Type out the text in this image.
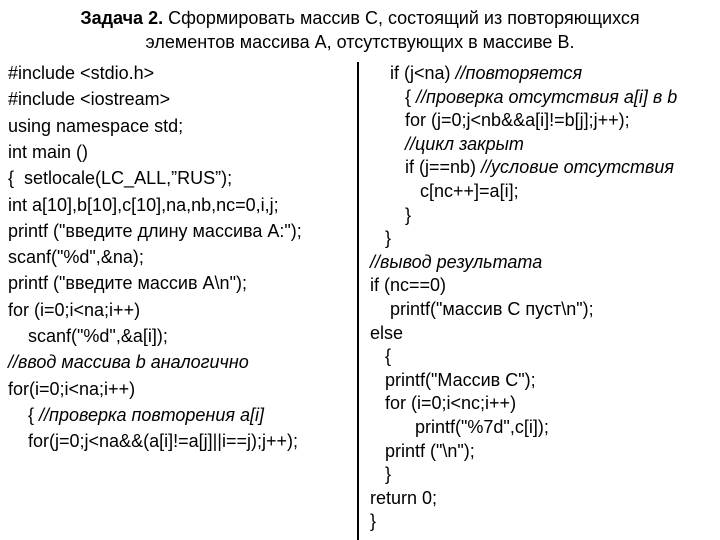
Задача 2. Сформировать массив С, состоящий из повторяющихся
элементов массива А, отсутствующих в массиве В.
#include <stdio.h>
#include <iostream>
using namespace std;
int main ()
{  setlocale(LC_ALL,”RUS”);
int a[10],b[10],c[10],na,nb,nc=0,i,j;
printf ("введите длину массива А:");
scanf("%d",&na);
printf ("введите массив А\n");
for (i=0;i<na;i++)
scanf("%d",&a[i]);
//ввод массива b аналогично
for(i=0;i<na;i++)
{ //проверка повторения a[i]
for(j=0;j<na&&(a[i]!=a[j]||i==j);j++);
if (j<na) //повторяется
{ //проверка отсутствия a[i] в b
for (j=0;j<nb&&a[i]!=b[j];j++);
//цикл закрыт
if (j==nb) //условие отсутствия
c[nc++]=a[i];
}
}
//вывод результата
if (nc==0)
printf("массив С пуст\n");
else
{
printf("Массив С");
for (i=0;i<nc;i++)
printf("%7d",c[i]);
printf ("\n");
}
return 0;
}
